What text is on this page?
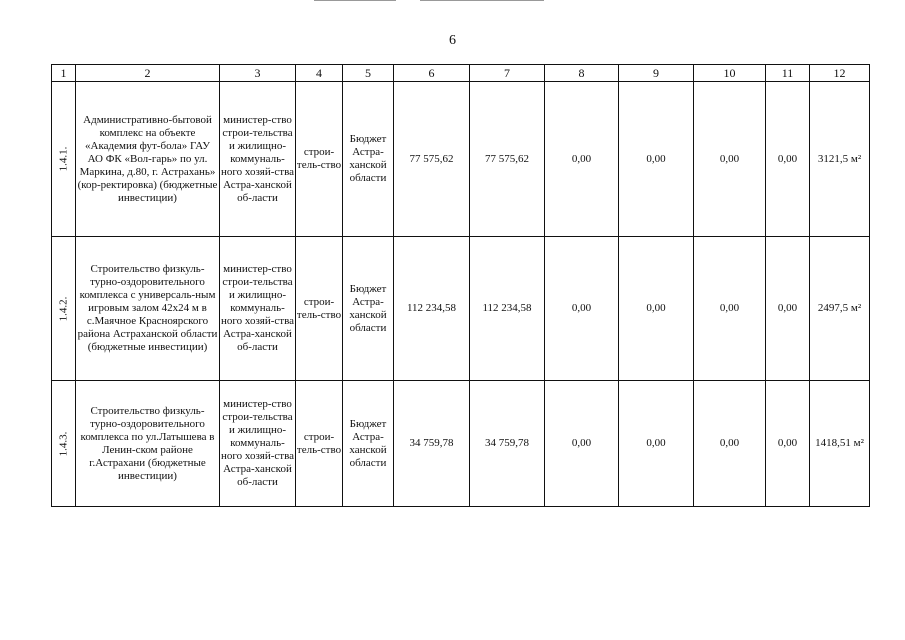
6
1	2	3	4	5	6	7	8	9	10	11	12

1.4.1.	Административно-бытовой комплекс на объекте «Академия фут-бола» ГАУ АО ФК «Вол-гарь» по ул. Маркина, д.80, г. Астрахань» (кор-ректировка) (бюджетные инвестиции)	министер-ство строи-тельства и жилищно-коммуналь-ного хозяй-ства Астра-ханской об-ласти	строи-тель-ство	Бюджет Астра-ханской области	77 575,62	77 575,62	0,00	0,00	0,00	0,00	3121,5 м²

1.4.2.	Строительство физкуль-турно-оздоровительного комплекса с универсаль-ным игровым залом 42х24 м в с.Маячное Красноярского района Астраханской области (бюджетные инвестиции)	министер-ство строи-тельства и жилищно-коммуналь-ного хозяй-ства Астра-ханской об-ласти	строи-тель-ство	Бюджет Астра-ханской области	112 234,58	112 234,58	0,00	0,00	0,00	0,00	2497,5 м²

1.4.3.	Строительство физкуль-турно-оздоровительного комплекса по ул.Латышева в Ленин-ском районе г.Астрахани (бюджетные инвестиции)	министер-ство строи-тельства и жилищно-коммуналь-ного хозяй-ства Астра-ханской об-ласти	строи-тель-ство	Бюджет Астра-ханской области	34 759,78	34 759,78	0,00	0,00	0,00	0,00	1418,51 м²
